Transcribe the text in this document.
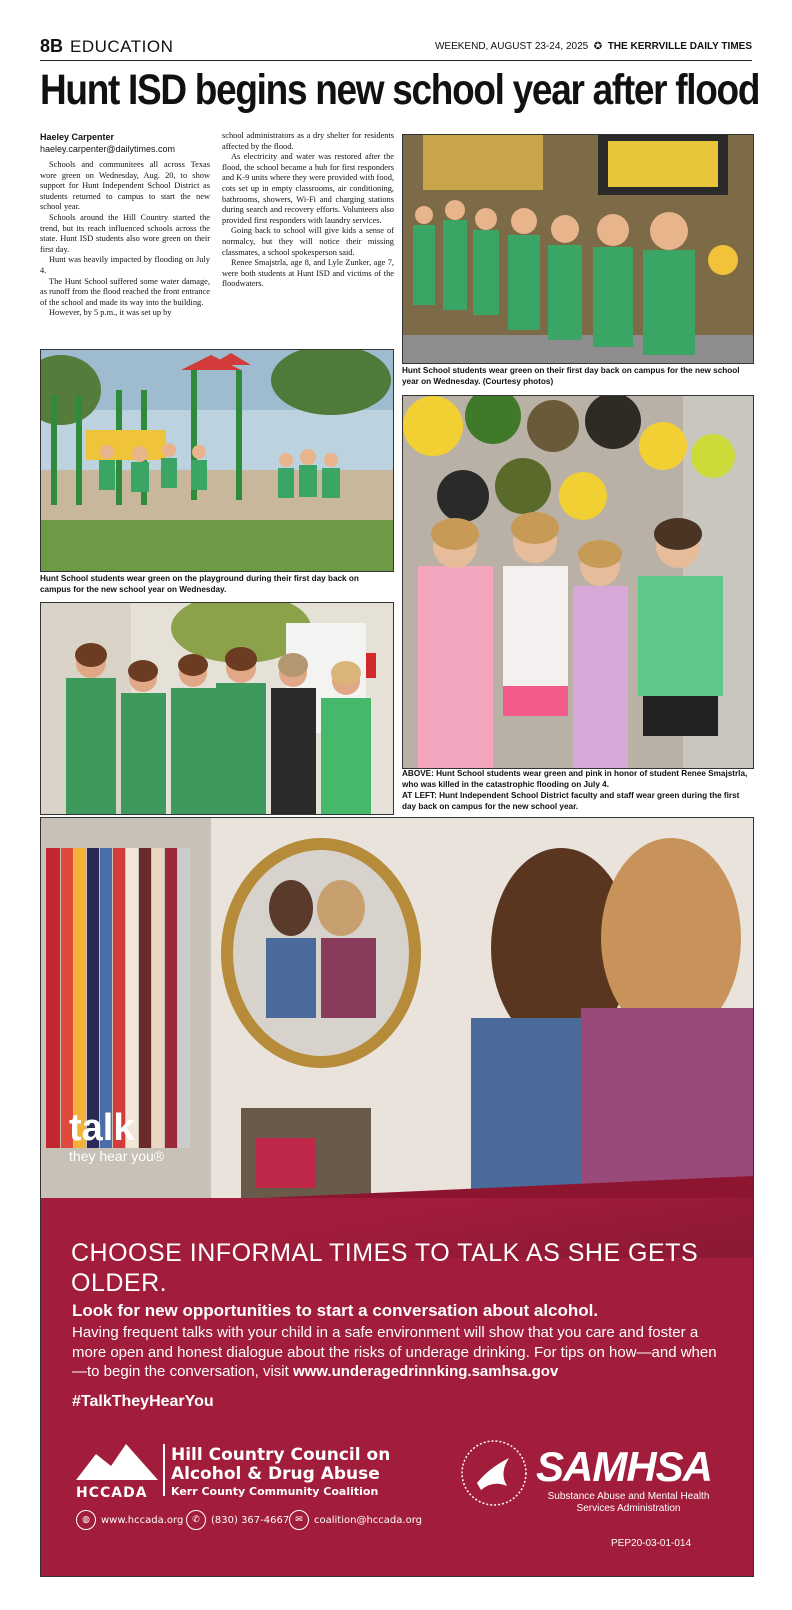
8B EDUCATION	WEEKEND, AUGUST 23-24, 2025  ✪  THE KERRVILLE DAILY TIMES
Hunt ISD begins new school year after flood
Haeley Carpenter
haeley.carpenter@dailytimes.com

Schools and communitees all across Texas wore green on Wednesday, Aug. 20, to show support for Hunt Independent School District as students returned to campus to start the new school year.

Schools around the Hill Country started the trend, but its reach influenced schools across the state. Hunt ISD students also wore green on their first day.

Hunt was heavily impacted by flooding on July 4.

The Hunt School suffered some water damage, as runoff from the flood reached the front entrance of the school and made its way into the building.

However, by 5 p.m., it was set up by

school administrators as a dry shelter for residents affected by the flood.

As electricity and water was restored after the flood, the school became a hub for first responders and K-9 units where they were provided with food, cots set up in empty classrooms, air conditioning, bathrooms, showers, Wi-Fi and charging stations during search and recovery efforts. Volunteers also provided first responders with laundry services.

Going back to school will give kids a sense of normalcy, but they will notice their missing classmates, a school spokesperson said.

Renee Smajstrla, age 8, and Lyle Zunker, age 7, were both students at Hunt ISD and victims of the floodwaters.

Hunt School students wear green on their first day back on campus for the new school year on Wednesday. (Courtesy photos)
Hunt School students wear green on the playground during their first day back on campus for the new school year on Wednesday.
ABOVE: Hunt School students wear green and pink in honor of student Renee Smajstrla, who was killed in the catastrophic flooding on July 4.
AT LEFT: Hunt Independent School District faculty and staff wear green during the first day back on campus for the new school year.
talk
they hear you®
CHOOSE INFORMAL TIMES TO TALK AS SHE GETS OLDER.
Look for new opportunities to start a conversation about alcohol.
Having frequent talks with your child in a safe environment will show that you care and foster a more open and honest dialogue about the risks of underage drinking. For tips on how—and when—to begin the conversation, visit www.underagedrinnking.samhsa.gov
#TalkTheyHearYou
HCCADA
Hill Country Council on
Alcohol & Drug Abuse
Kerr County Community Coalition
◍	www.hccada.org ✆	(830) 367-4667 ✉	coalition@hccada.org
SAMHSA
Substance Abuse and Mental Health Services Administration
PEP20-03-01-014
